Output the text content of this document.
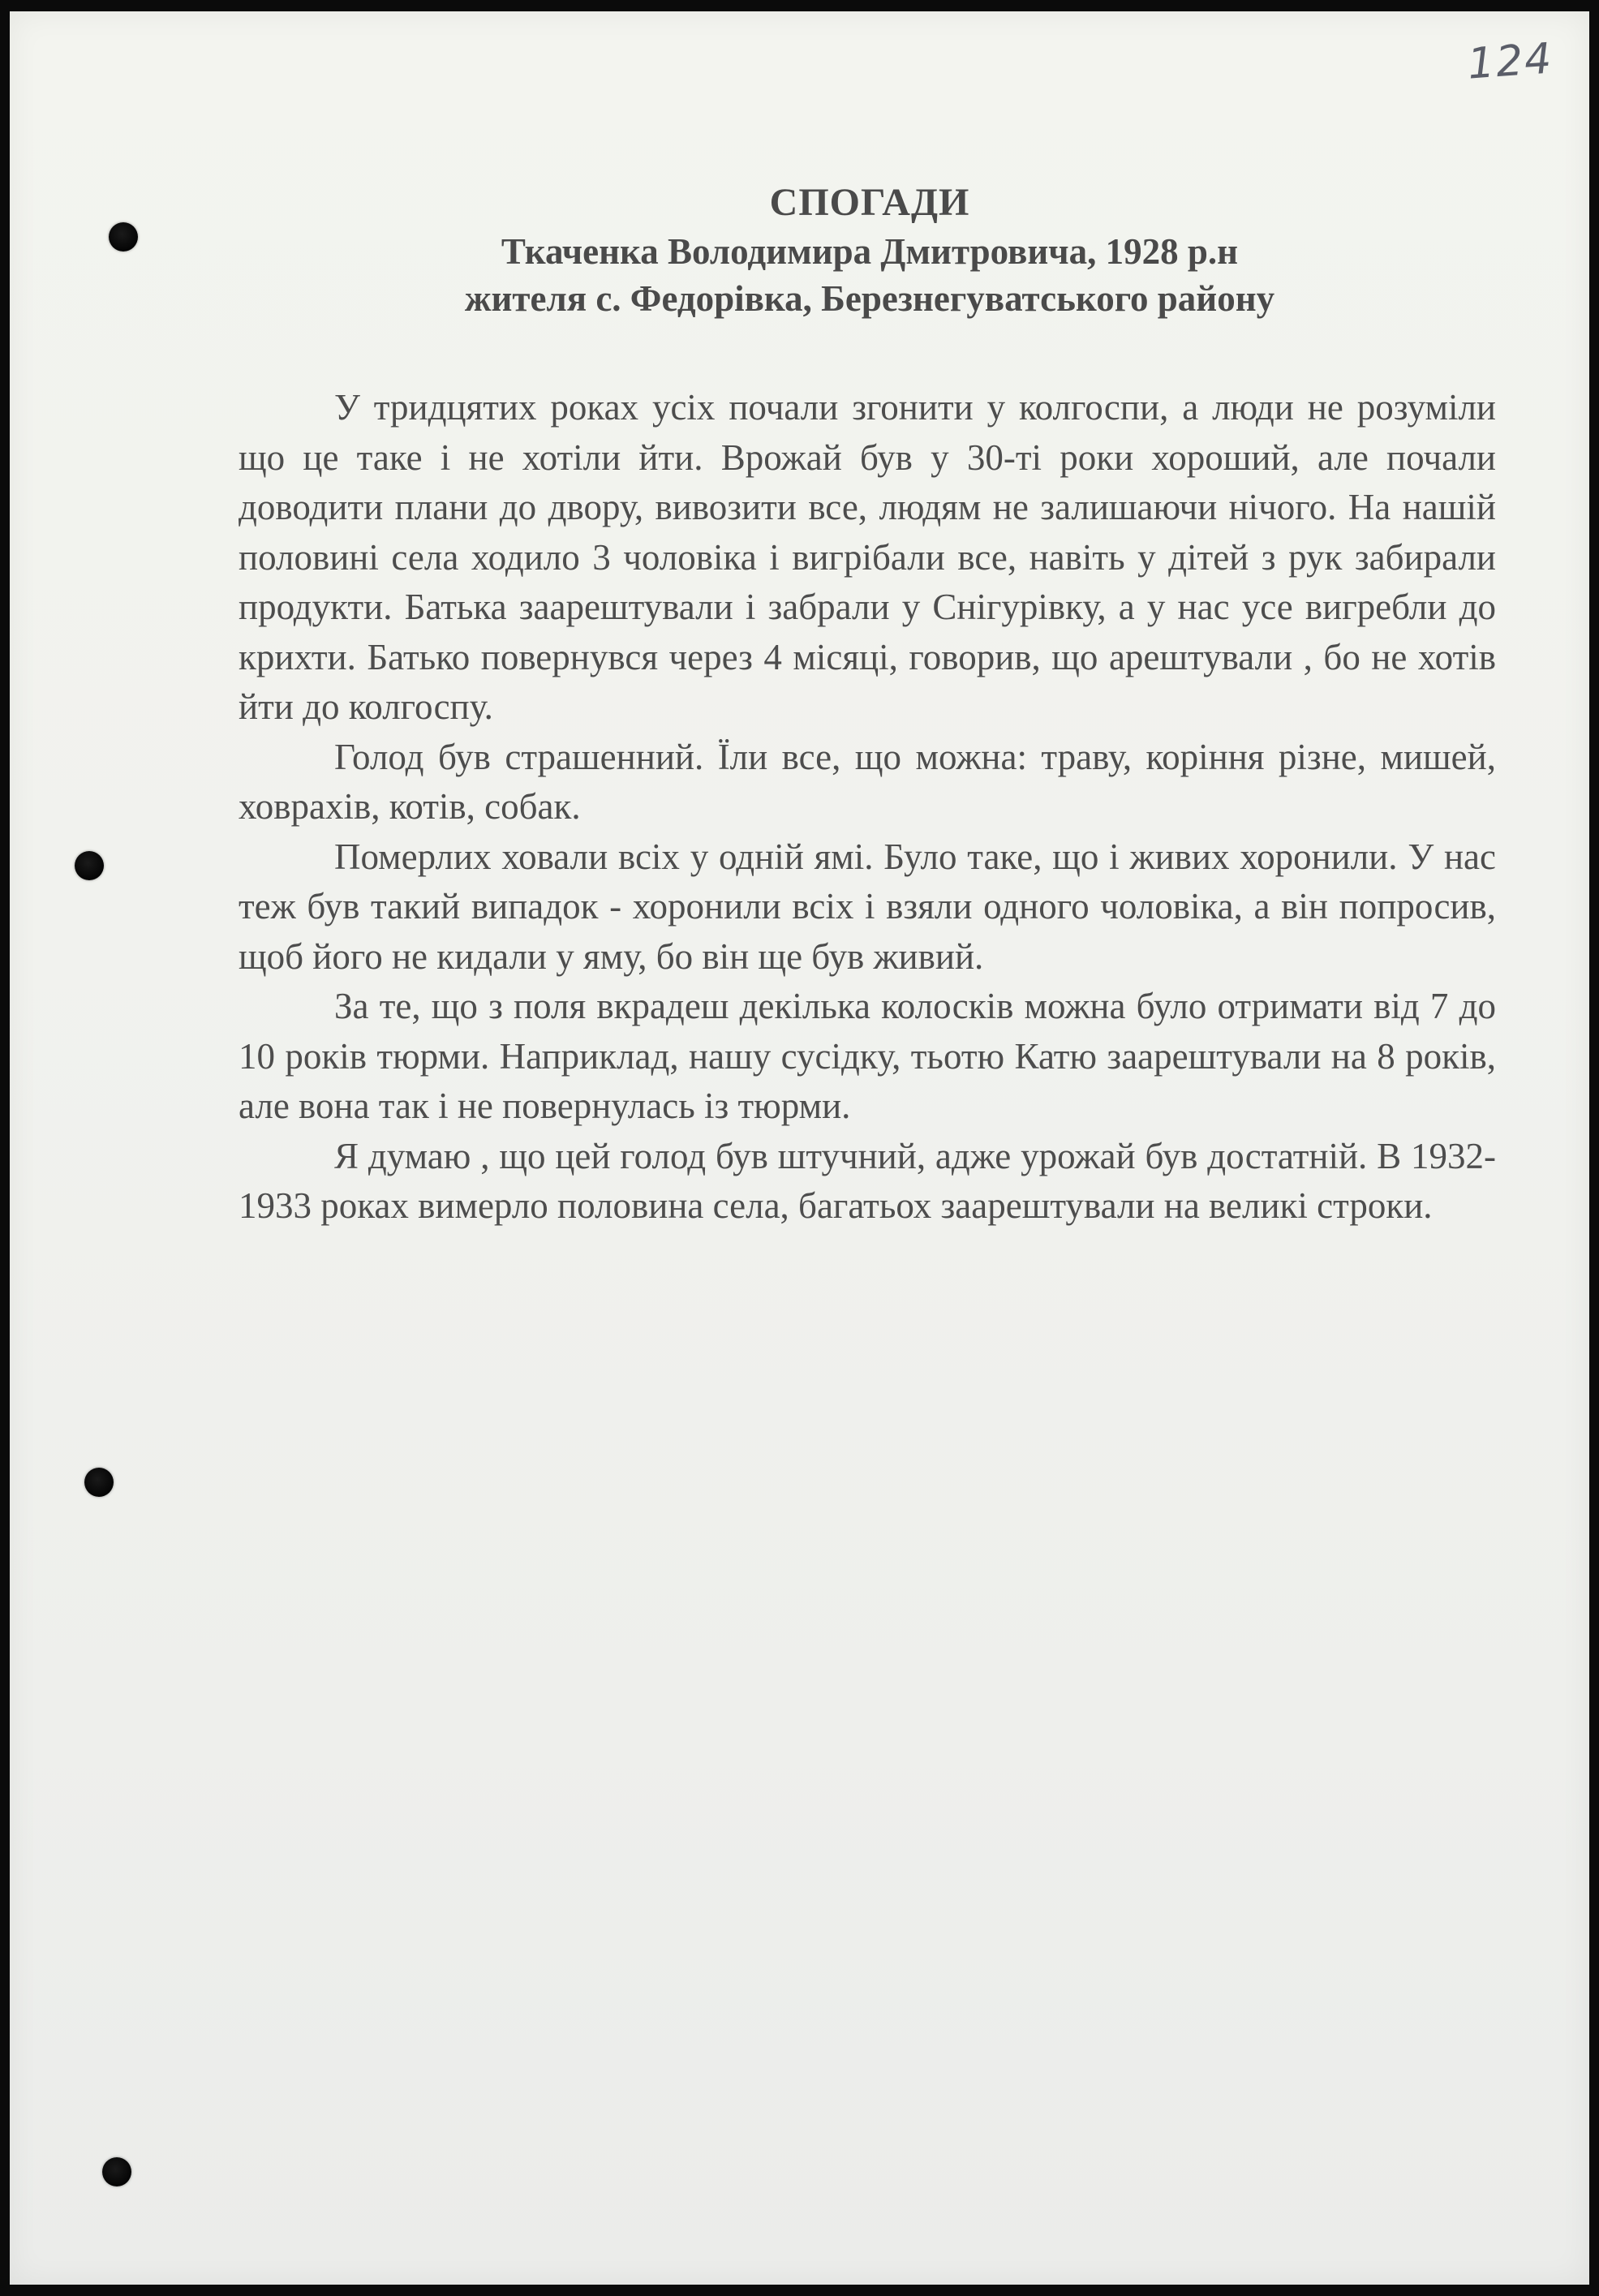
124

СПОГАДИ

Ткаченка Володимира Дмитровича, 1928 р.н

жителя с. Федорівка, Березнегуватського району

У тридцятих роках усіх почали згонити у колгоспи, а люди не розуміли що це таке і не хотіли йти. Врожай був у 30-ті роки хороший, але почали доводити плани до двору, вивозити все, людям не залишаючи нічого. На нашій половині села ходило 3 чоловіка і вигрібали все, навіть у дітей з рук забирали продукти. Батька заарештували і забрали у Снігурівку, а у нас усе вигребли до крихти. Батько повернувся через 4 місяці, говорив, що арештували , бо не хотів йти до колгоспу.

Голод був страшенний. Їли все, що можна: траву, коріння різне, мишей, ховрахів, котів, собак.

Померлих ховали всіх у одній ямі. Було таке, що і живих хоронили. У нас теж був такий випадок - хоронили всіх і взяли одного чоловіка, а він попросив, щоб його не кидали у яму, бо він ще був живий.

За те, що з поля вкрадеш декілька колосків можна було отримати від 7 до 10 років тюрми. Наприклад, нашу сусідку, тьотю Катю заарештували на 8 років, але вона так і не повернулась із тюрми.

Я думаю , що цей голод був штучний, адже урожай був достатній. В 1932-1933 роках вимерло половина села, багатьох заарештували на великі строки.
